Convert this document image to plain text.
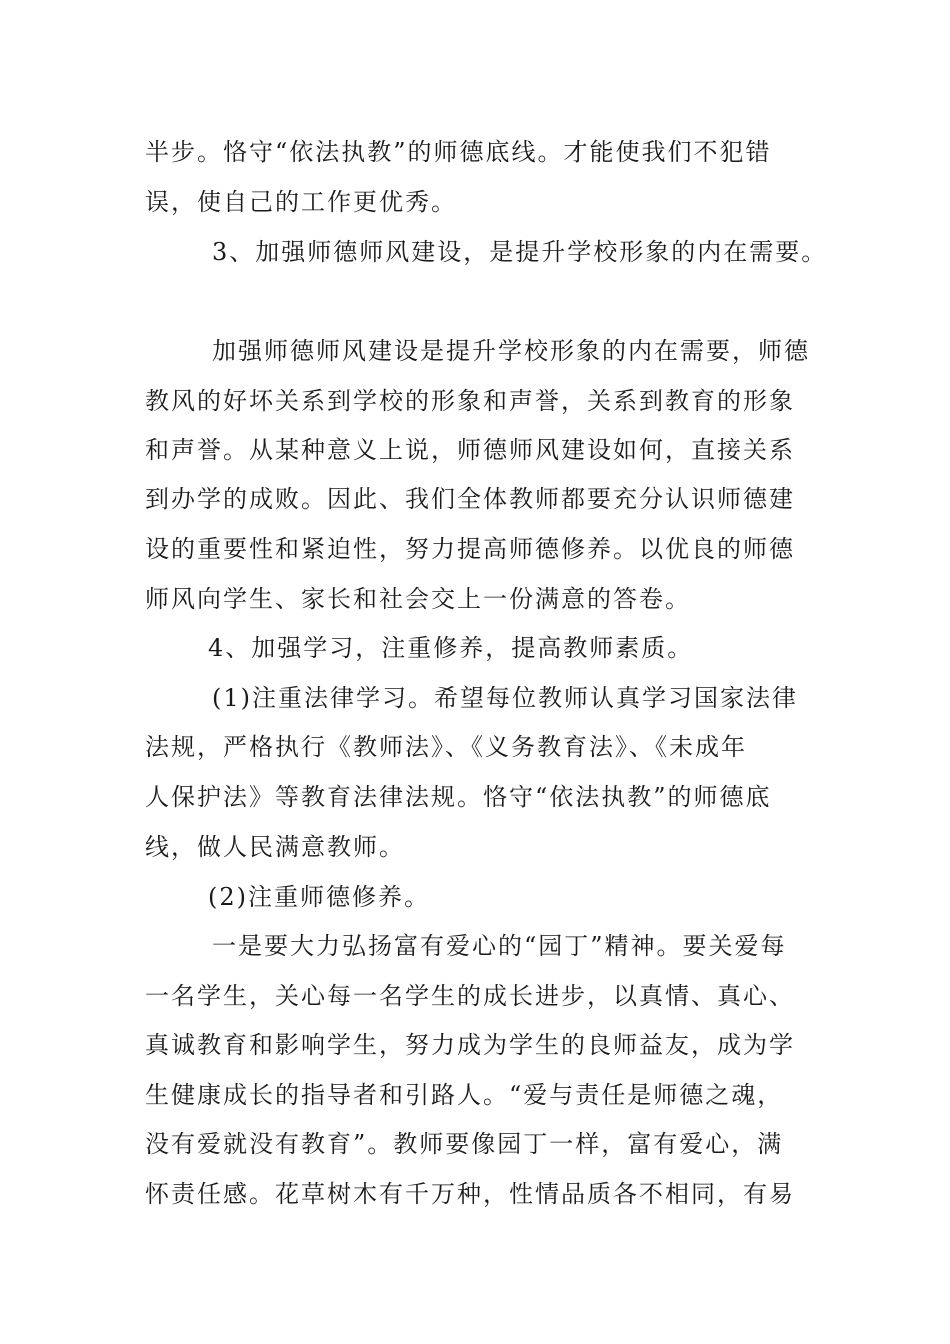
半步。恪守“依法执教”的师德底线。才能使我们不犯错
误，使自己的工作更优秀。
3、加强师德师风建设，是提升学校形象的内在需要。
加强师德师风建设是提升学校形象的内在需要，师德
教风的好坏关系到学校的形象和声誉，关系到教育的形象
和声誉。从某种意义上说，师德师风建设如何，直接关系
到办学的成败。因此、我们全体教师都要充分认识师德建
设的重要性和紧迫性，努力提高师德修养。以优良的师德
师风向学生、家长和社会交上一份满意的答卷。
4、加强学习，注重修养，提高教师素质。
(1)注重法律学习。希望每位教师认真学习国家法律
法规，严格执行《教师法》、《义务教育法》、《未成年
人保护法》等教育法律法规。恪守“依法执教”的师德底
线，做人民满意教师。
(2)注重师德修养。
一是要大力弘扬富有爱心的“园丁”精神。要关爱每
一名学生，关心每一名学生的成长进步，以真情、真心、
真诚教育和影响学生，努力成为学生的良师益友，成为学
生健康成长的指导者和引路人。“爱与责任是师德之魂，
没有爱就没有教育”。教师要像园丁一样，富有爱心，满
怀责任感。花草树木有千万种，性情品质各不相同，有易
